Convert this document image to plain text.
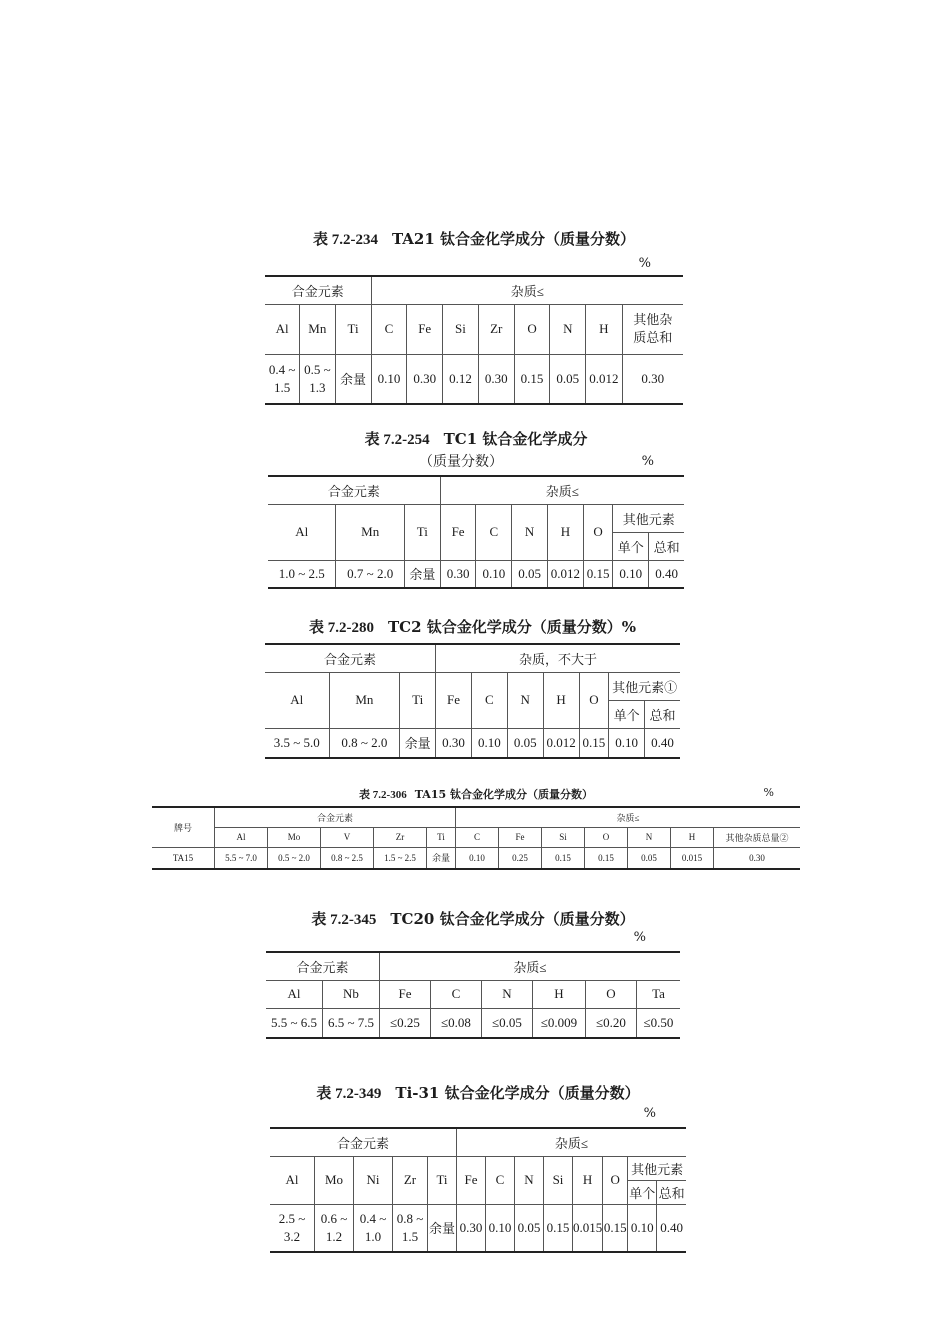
表 7.2-234 TA21 钛合金化学成分（质量分数）
%
合金元素			杂质≤							
Al	Mn	Ti	C	Fe	Si	Zr	O	N	H	其他杂质总和
0.4 ~ 1.5	0.5 ~ 1.3	余量	0.10	0.30	0.12	0.30	0.15	0.05	0.012	0.30
表 7.2-254 TC1 钛合金化学成分
（质量分数）	%
合金元素			杂质≤						
Al	Mn	Ti	Fe	C	N	H	O	其他元素	
								单个	总和
1.0 ~ 2.5	0.7 ~ 2.0	余量	0.30	0.10	0.05	0.012	0.15	0.10	0.40
表 7.2-280 TC2 钛合金化学成分（质量分数）%
合金元素			杂质，不大于						
Al	Mn	Ti	Fe	C	N	H	O	其他元素①	
								单个	总和
3.5 ~ 5.0	0.8 ~ 2.0	余量	0.30	0.10	0.05	0.012	0.15	0.10	0.40
表 7.2-306 TA15 钛合金化学成分（质量分数）	%
牌号	合金元素					杂质≤						
	Al	Mo	V	Zr	Ti	C	Fe	Si	O	N	H	其他杂质总量②
TA15	5.5 ~ 7.0	0.5 ~ 2.0	0.8 ~ 2.5	1.5 ~ 2.5	余量	0.10	0.25	0.15	0.15	0.05	0.015	0.30
表 7.2-345 TC20 钛合金化学成分（质量分数）
%
合金元素		杂质≤					
Al	Nb	Fe	C	N	H	O	Ta
5.5 ~ 6.5	6.5 ~ 7.5	≤0.25	≤0.08	≤0.05	≤0.009	≤0.20	≤0.50
表 7.2-349 Ti-31 钛合金化学成分（质量分数）
%
合金元素					杂质≤							
Al	Mo	Ni	Zr	Ti	Fe	C	N	Si	H	O	其他元素	
											单个	总和
2.5 ~ 3.2	0.6 ~ 1.2	0.4 ~ 1.0	0.8 ~ 1.5	余量	0.30	0.10	0.05	0.15	0.015	0.15	0.10	0.40
